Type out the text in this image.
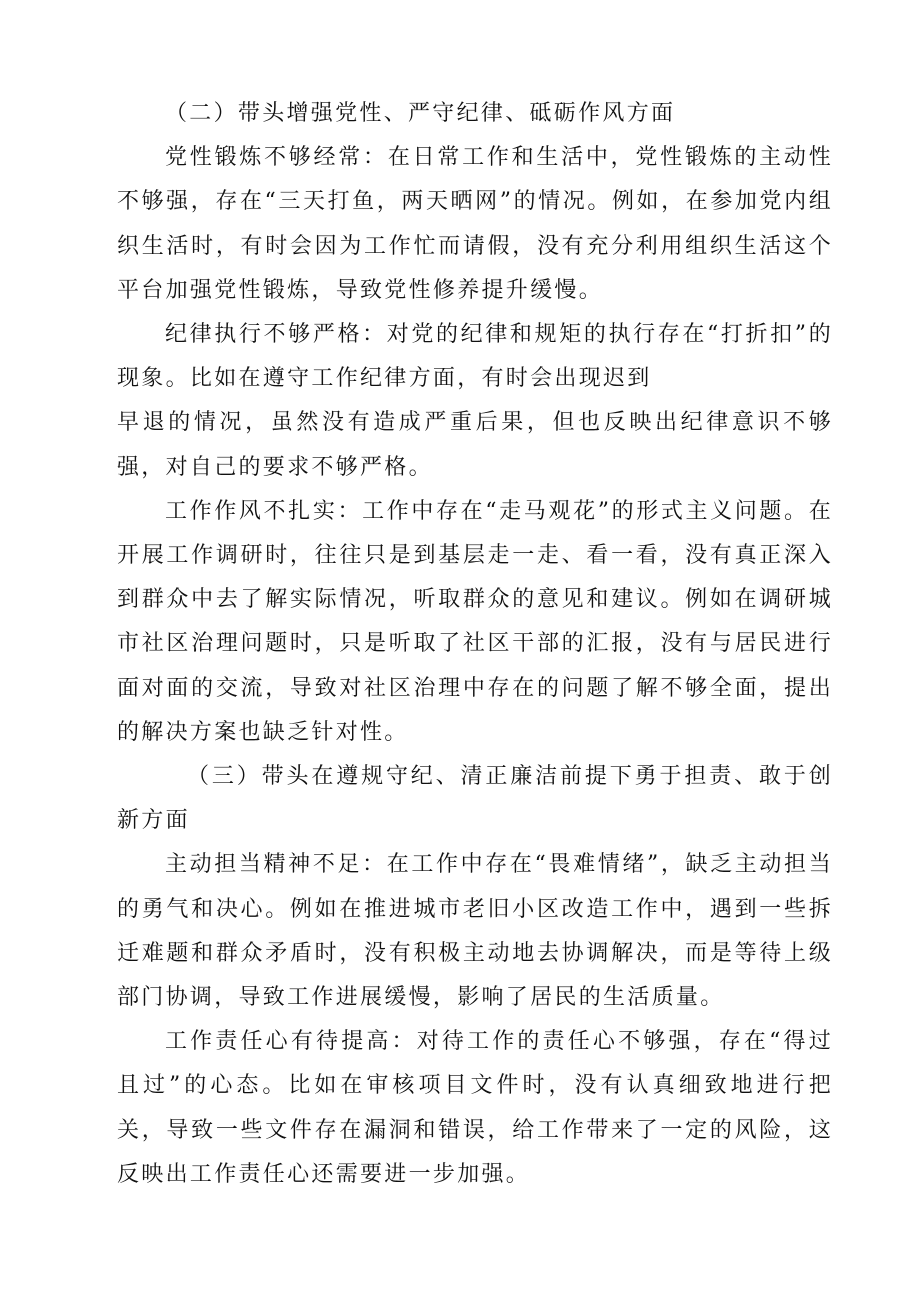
（二）带头增强党性、严守纪律、砥砺作风方面

党性锻炼不够经常：在日常工作和生活中，党性锻炼的主动性不够强，存在“三天打鱼，两天晒网”的情况。例如，在参加党内组织生活时，有时会因为工作忙而请假，没有充分利用组织生活这个平台加强党性锻炼，导致党性修养提升缓慢。

纪律执行不够严格：对党的纪律和规矩的执行存在“打折扣”的现象。比如在遵守工作纪律方面，有时会出现迟到

早退的情况，虽然没有造成严重后果，但也反映出纪律意识不够强，对自己的要求不够严格。

工作作风不扎实：工作中存在“走马观花”的形式主义问题。在开展工作调研时，往往只是到基层走一走、看一看，没有真正深入到群众中去了解实际情况，听取群众的意见和建议。例如在调研城市社区治理问题时，只是听取了社区干部的汇报，没有与居民进行面对面的交流，导致对社区治理中存在的问题了解不够全面，提出的解决方案也缺乏针对性。

（三）带头在遵规守纪、清正廉洁前提下勇于担责、敢于创新方面

主动担当精神不足：在工作中存在“畏难情绪”，缺乏主动担当的勇气和决心。例如在推进城市老旧小区改造工作中，遇到一些拆迁难题和群众矛盾时，没有积极主动地去协调解决，而是等待上级部门协调，导致工作进展缓慢，影响了居民的生活质量。

工作责任心有待提高：对待工作的责任心不够强，存在“得过且过”的心态。比如在审核项目文件时，没有认真细致地进行把关，导致一些文件存在漏洞和错误，给工作带来了一定的风险，这反映出工作责任心还需要进一步加强。
